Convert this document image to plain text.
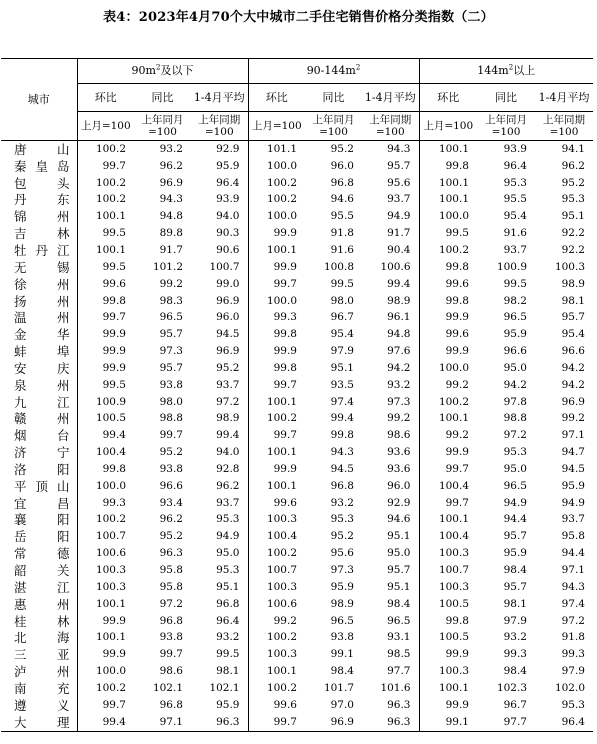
表4：2023年4月70个大中城市二手住宅销售价格分类指数（二）
城市	$90m^2$及以下			$90-144m^2$			$144m^2$以上		
	环比	同比	1-4月平均	环比	同比	1-4月平均	环比	同比	1-4月平均
	上月=100	上年同月=100	上年同期=100	上月=100	上年同月=100	上年同期=100	上月=100	上年同月=100	上年同期=100
唐山	100.2	93.2	92.9	101.1	95.2	94.3	100.1	93.9	94.1
秦皇岛	99.7	96.2	95.9	100.0	96.0	95.7	99.8	96.4	96.2
包头	100.2	96.9	96.4	100.2	96.8	95.6	100.1	95.3	95.2
丹东	100.2	94.3	93.9	100.2	94.6	93.7	100.1	95.5	95.3
锦州	100.1	94.8	94.0	100.0	95.5	94.9	100.0	95.4	95.1
吉林	99.5	89.8	90.3	99.9	91.8	91.7	99.5	91.6	92.2
牡丹江	100.1	91.7	90.6	100.1	91.6	90.4	100.2	93.7	92.2
无锡	99.5	101.2	100.7	99.9	100.8	100.6	99.8	100.9	100.3
徐州	99.6	99.2	99.0	99.7	99.5	99.4	99.6	99.5	98.9
扬州	99.8	98.3	96.9	100.0	98.0	98.9	99.8	98.2	98.1
温州	99.7	96.5	96.0	99.3	96.7	96.1	99.9	96.5	95.7
金华	99.9	95.7	94.5	99.8	95.4	94.8	99.6	95.9	95.4
蚌埠	99.9	97.3	96.9	99.9	97.9	97.6	99.9	96.6	96.6
安庆	99.9	95.7	95.2	99.8	95.1	94.2	100.0	95.0	94.2
泉州	99.5	93.8	93.7	99.7	93.5	93.2	99.2	94.2	94.2
九江	100.9	98.0	97.2	100.1	97.4	97.3	100.2	97.8	96.9
赣州	100.5	98.8	98.9	100.2	99.4	99.2	100.1	98.8	99.2
烟台	99.4	99.7	99.4	99.7	99.8	98.6	99.2	97.2	97.1
济宁	100.4	95.2	94.0	100.1	94.3	93.6	99.9	95.3	94.7
洛阳	99.8	93.8	92.8	99.9	94.5	93.6	99.7	95.0	94.5
平顶山	100.0	96.6	96.2	100.1	96.8	96.0	100.4	96.5	95.9
宜昌	99.3	93.4	93.7	99.6	93.2	92.9	99.7	94.9	94.9
襄阳	100.2	96.2	95.3	100.3	95.3	94.6	100.1	94.4	93.7
岳阳	100.7	95.2	94.9	100.4	95.2	95.1	100.4	95.7	95.8
常德	100.6	96.3	95.0	100.2	95.6	95.0	100.3	95.9	94.4
韶关	100.3	95.8	95.3	100.7	97.3	95.7	100.7	98.4	97.1
湛江	100.3	95.8	95.1	100.3	95.9	95.1	100.3	95.7	94.3
惠州	100.1	97.2	96.8	100.6	98.9	98.4	100.5	98.1	97.4
桂林	99.9	96.8	96.4	99.2	96.5	96.5	99.8	97.9	97.2
北海	100.1	93.8	93.2	100.2	93.8	93.1	100.5	93.2	91.8
三亚	99.9	99.7	99.5	100.3	99.1	98.5	99.9	99.3	99.3
泸州	100.0	98.6	98.1	100.1	98.4	97.7	100.3	98.4	97.9
南充	100.2	102.1	102.1	100.2	101.7	101.6	100.1	102.3	102.0
遵义	99.7	96.8	95.9	99.6	97.0	96.3	99.9	96.7	95.3
大理	99.4	97.1	96.3	99.7	96.9	96.3	99.1	97.7	96.4
